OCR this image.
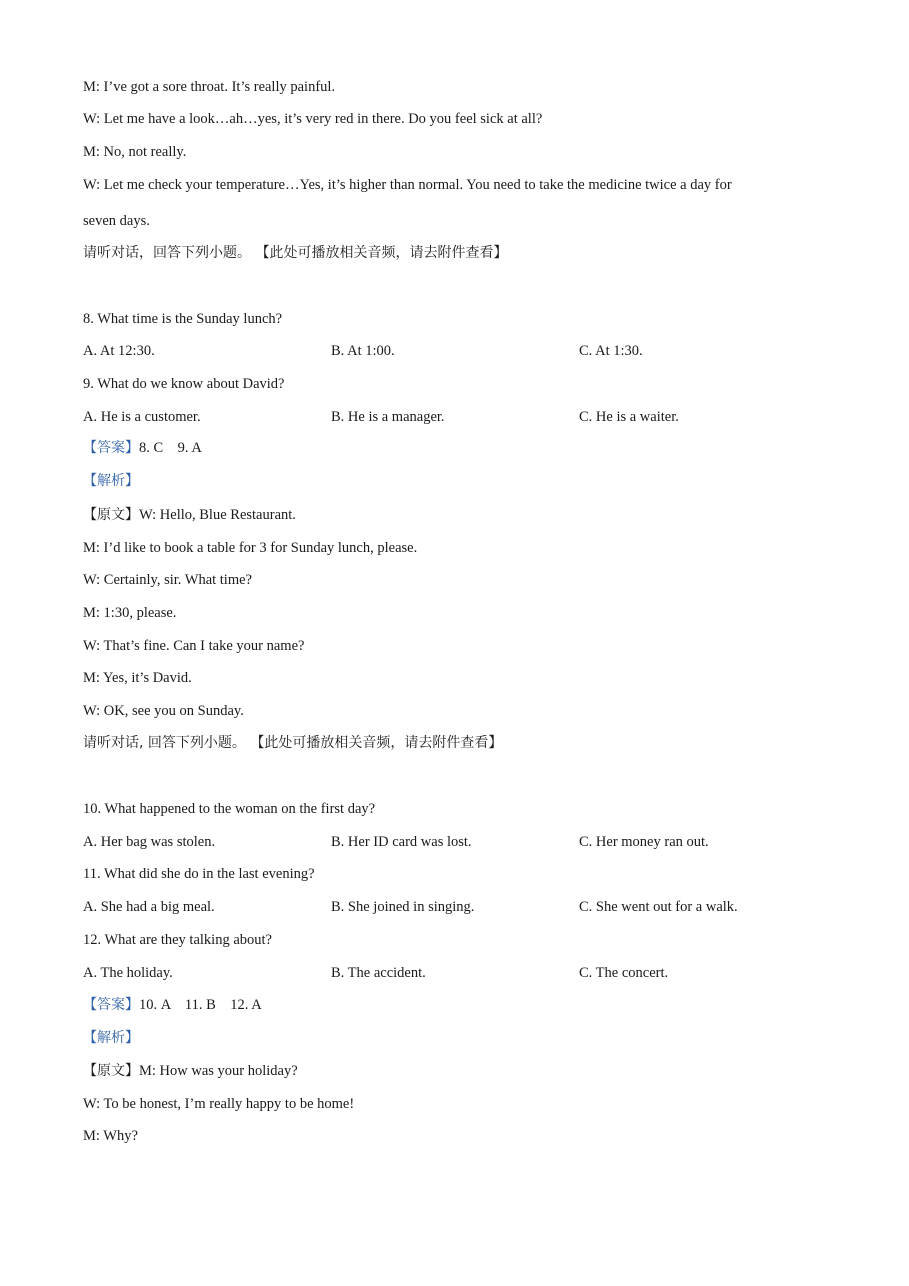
M: I’ve got a sore throat. It’s really painful.
W: Let me have a look…ah…yes, it’s very red in there. Do you feel sick at all?
M: No, not really.
W: Let me check your temperature…Yes, it’s higher than normal. You need to take the medicine twice a day for
seven days.
请听对话，回答下列小题。 【此处可播放相关音频，请去附件查看】
8. What time is the Sunday lunch?
A. At 12:30.	B. At 1:00.	C. At 1:30.
9. What do we know about David?
A. He is a customer.	B. He is a manager.	C. He is a waiter.
【答案】8. C    9. A
【解析】
【原文】W: Hello, Blue Restaurant.
M: I’d like to book a table for 3 for Sunday lunch, please.
W: Certainly, sir. What time?
M: 1:30, please.
W: That’s fine. Can I take your name?
M: Yes, it’s David.
W: OK, see you on Sunday.
请听对话, 回答下列小题。 【此处可播放相关音频，请去附件查看】
10. What happened to the woman on the first day?
A. Her bag was stolen.	B. Her ID card was lost.	C. Her money ran out.
11. What did she do in the last evening?
A. She had a big meal.	B. She joined in singing.	C. She went out for a walk.
12. What are they talking about?
A. The holiday.	B. The accident.	C. The concert.
【答案】10. A    11. B    12. A
【解析】
【原文】M: How was your holiday?
W: To be honest, I’m really happy to be home!
M: Why?
